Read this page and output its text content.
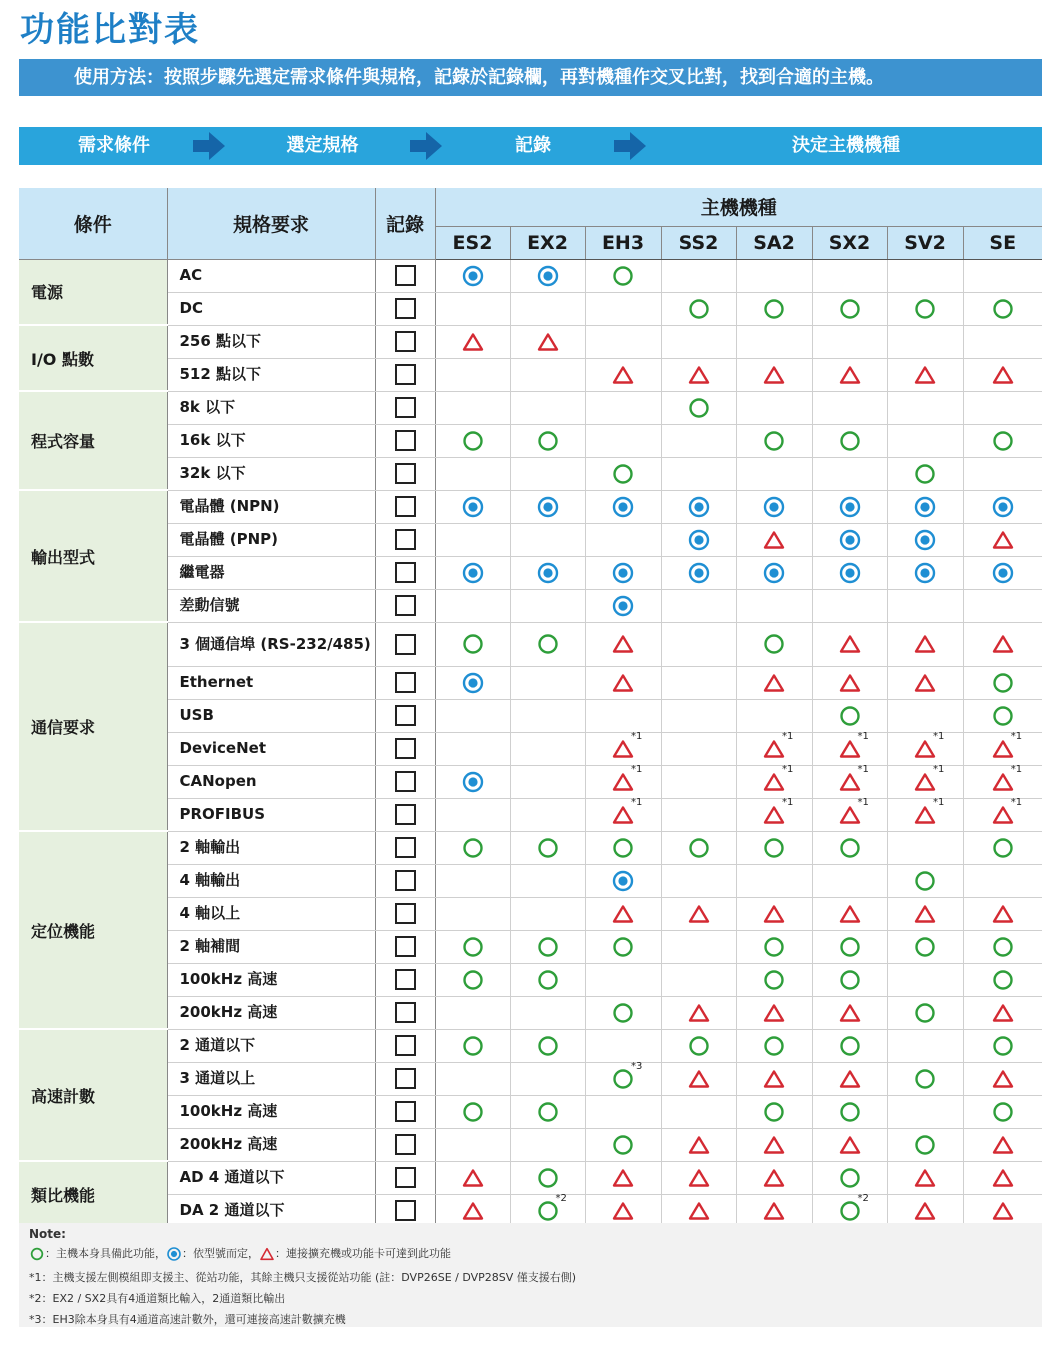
功能比對表
使用方法：按照步驟先選定需求條件與規格，記錄於記錄欄，再對機種作交叉比對，找到合適的主機。
需求條件	選定規格	記錄	決定主機機種
條件	規格要求	記錄	主機機種							
			ES2	EX2	EH3	SS2	SA2	SX2	SV2	SE
電源	AC									
	DC									
I/O 點數	256 點以下									
	512 點以下									
程式容量	8k 以下									
	16k 以下									
	32k 以下									
輸出型式	電晶體 (NPN)									
	電晶體 (PNP)									
	繼電器									
	差動信號									
通信要求	3 個通信埠 (RS-232/485)									
	Ethernet									
	USB									
	DeviceNet				*1		*1	*1	*1	*1

	CANopen				*1		*1	*1	*1	*1

	PROFIBUS				*1		*1	*1	*1	*1

定位機能	2 軸輸出									
	4 軸輸出									
	4 軸以上									
	2 軸補間									
	100kHz 高速									
	200kHz 高速									
高速計數	2 通道以下									
	3 通道以上				*3

	100kHz 高速									
	200kHz 高速									
類比機能	AD 4 通道以下									
	DA 2 通道以下			*2				*2

Note:
：主機本身具備此功能， ：依型號而定， ：連接擴充機或功能卡可達到此功能
*1：主機支援左側模組即支援主、從站功能，其餘主機只支援從站功能 (註：DVP26SE / DVP28SV 僅支援右側)
*2：EX2 / SX2具有4通道類比輸入，2通道類比輸出
*3：EH3除本身具有4通道高速計數外，還可連接高速計數擴充機
